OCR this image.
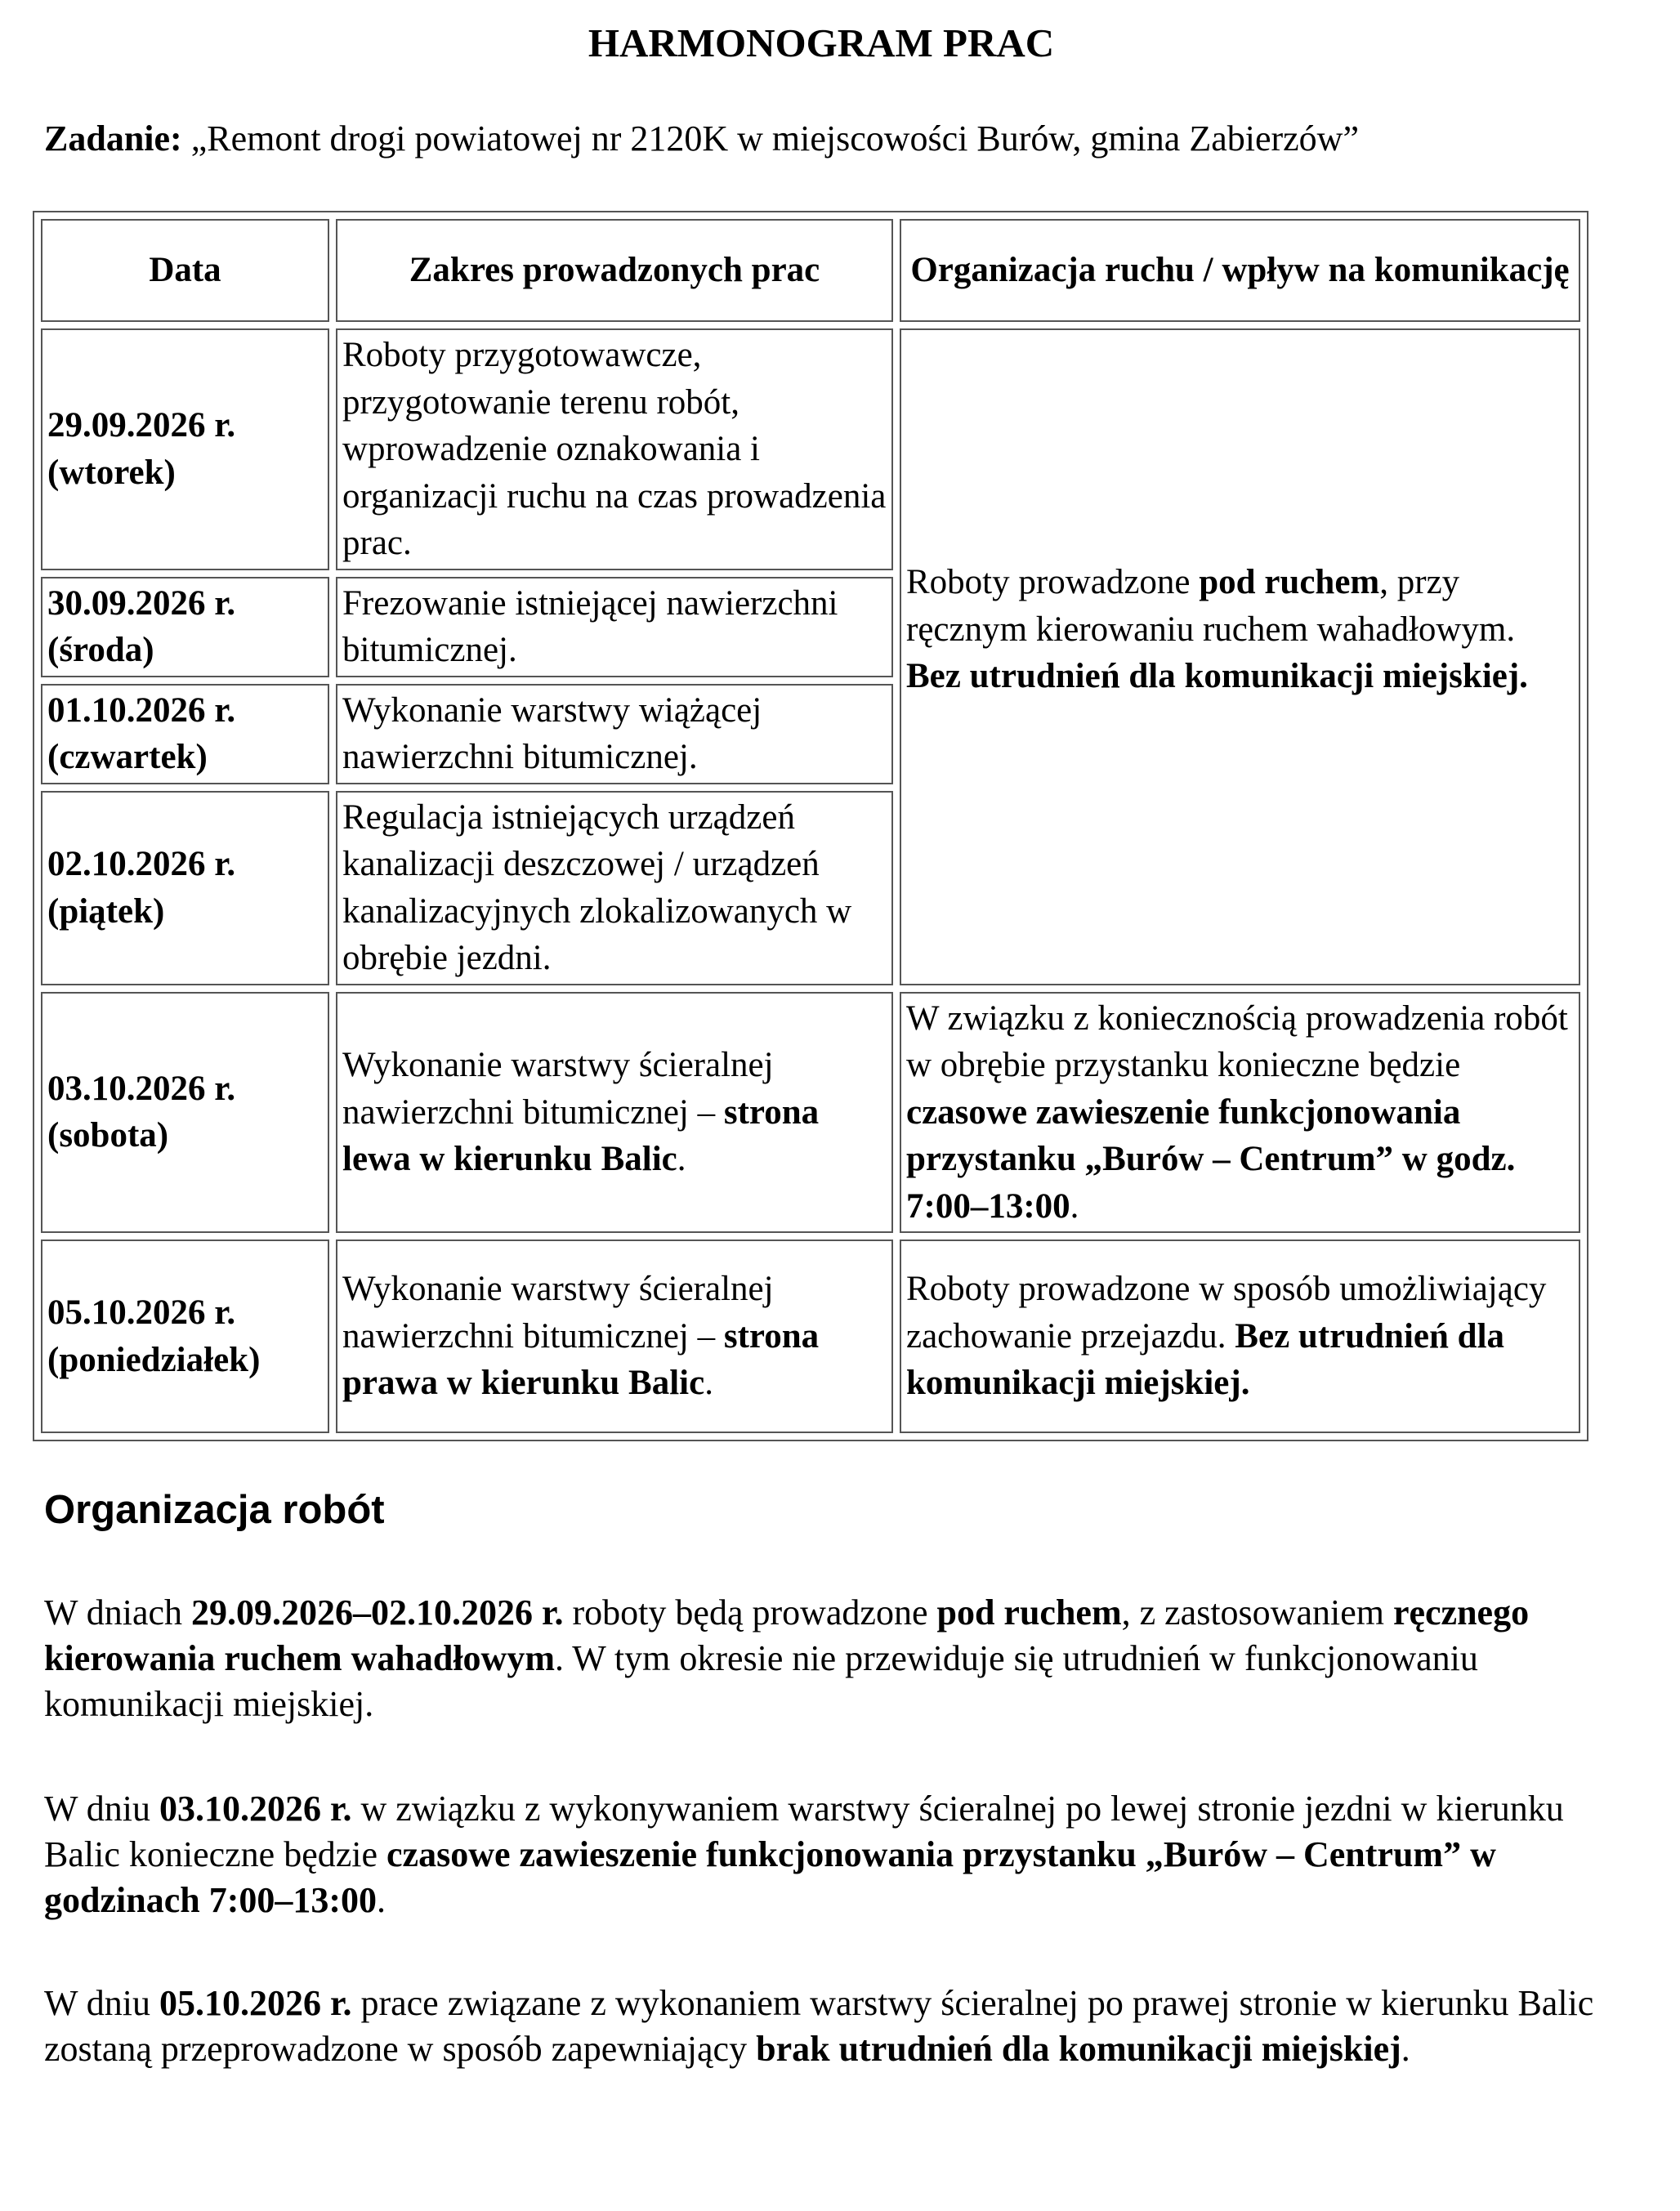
HARMONOGRAM PRAC
Zadanie: „Remont drogi powiatowej nr 2120K w miejscowości Burów, gmina Zabierzów”
Data	Zakres prowadzonych prac	Organizacja ruchu / wpływ na komunikację
29.09.2026 r.
(wtorek)	Roboty przygotowawcze, przygotowanie terenu robót, wprowadzenie oznakowania i organizacji ruchu na czas prowadzenia prac.	Roboty prowadzone pod ruchem, przy ręcznym kierowaniu ruchem wahadłowym. Bez utrudnień dla komunikacji miejskiej.

30.09.2026 r.
(środa)	Frezowanie istniejącej nawierzchni bitumicznej.	
01.10.2026 r.
(czwartek)	Wykonanie warstwy wiążącej nawierzchni bitumicznej.	
02.10.2026 r.
(piątek)	Regulacja istniejących urządzeń kanalizacji deszczowej / urządzeń kanalizacyjnych zlokalizowanych w obrębie jezdni.	
03.10.2026 r.
(sobota)	Wykonanie warstwy ścieralnej nawierzchni bitumicznej – strona lewa w kierunku Balic.	W związku z koniecznością prowadzenia robót w obrębie przystanku konieczne będzie czasowe zawieszenie funkcjonowania przystanku „Burów – Centrum” w godz. 7:00–13:00.
05.10.2026 r.
(poniedziałek)	Wykonanie warstwy ścieralnej nawierzchni bitumicznej – strona prawa w kierunku Balic.	Roboty prowadzone w sposób umożliwiający zachowanie przejazdu. Bez utrudnień dla komunikacji miejskiej.
Organizacja robót
W dniach 29.09.2026–02.10.2026 r. roboty będą prowadzone pod ruchem, z zastosowaniem ręcznego kierowania ruchem wahadłowym. W tym okresie nie przewiduje się utrudnień w funkcjonowaniu komunikacji miejskiej.
W dniu 03.10.2026 r. w związku z wykonywaniem warstwy ścieralnej po lewej stronie jezdni w kierunku Balic konieczne będzie czasowe zawieszenie funkcjonowania przystanku „Burów – Centrum” w godzinach 7:00–13:00.
W dniu 05.10.2026 r. prace związane z wykonaniem warstwy ścieralnej po prawej stronie w kierunku Balic zostaną przeprowadzone w sposób zapewniający brak utrudnień dla komunikacji miejskiej.
